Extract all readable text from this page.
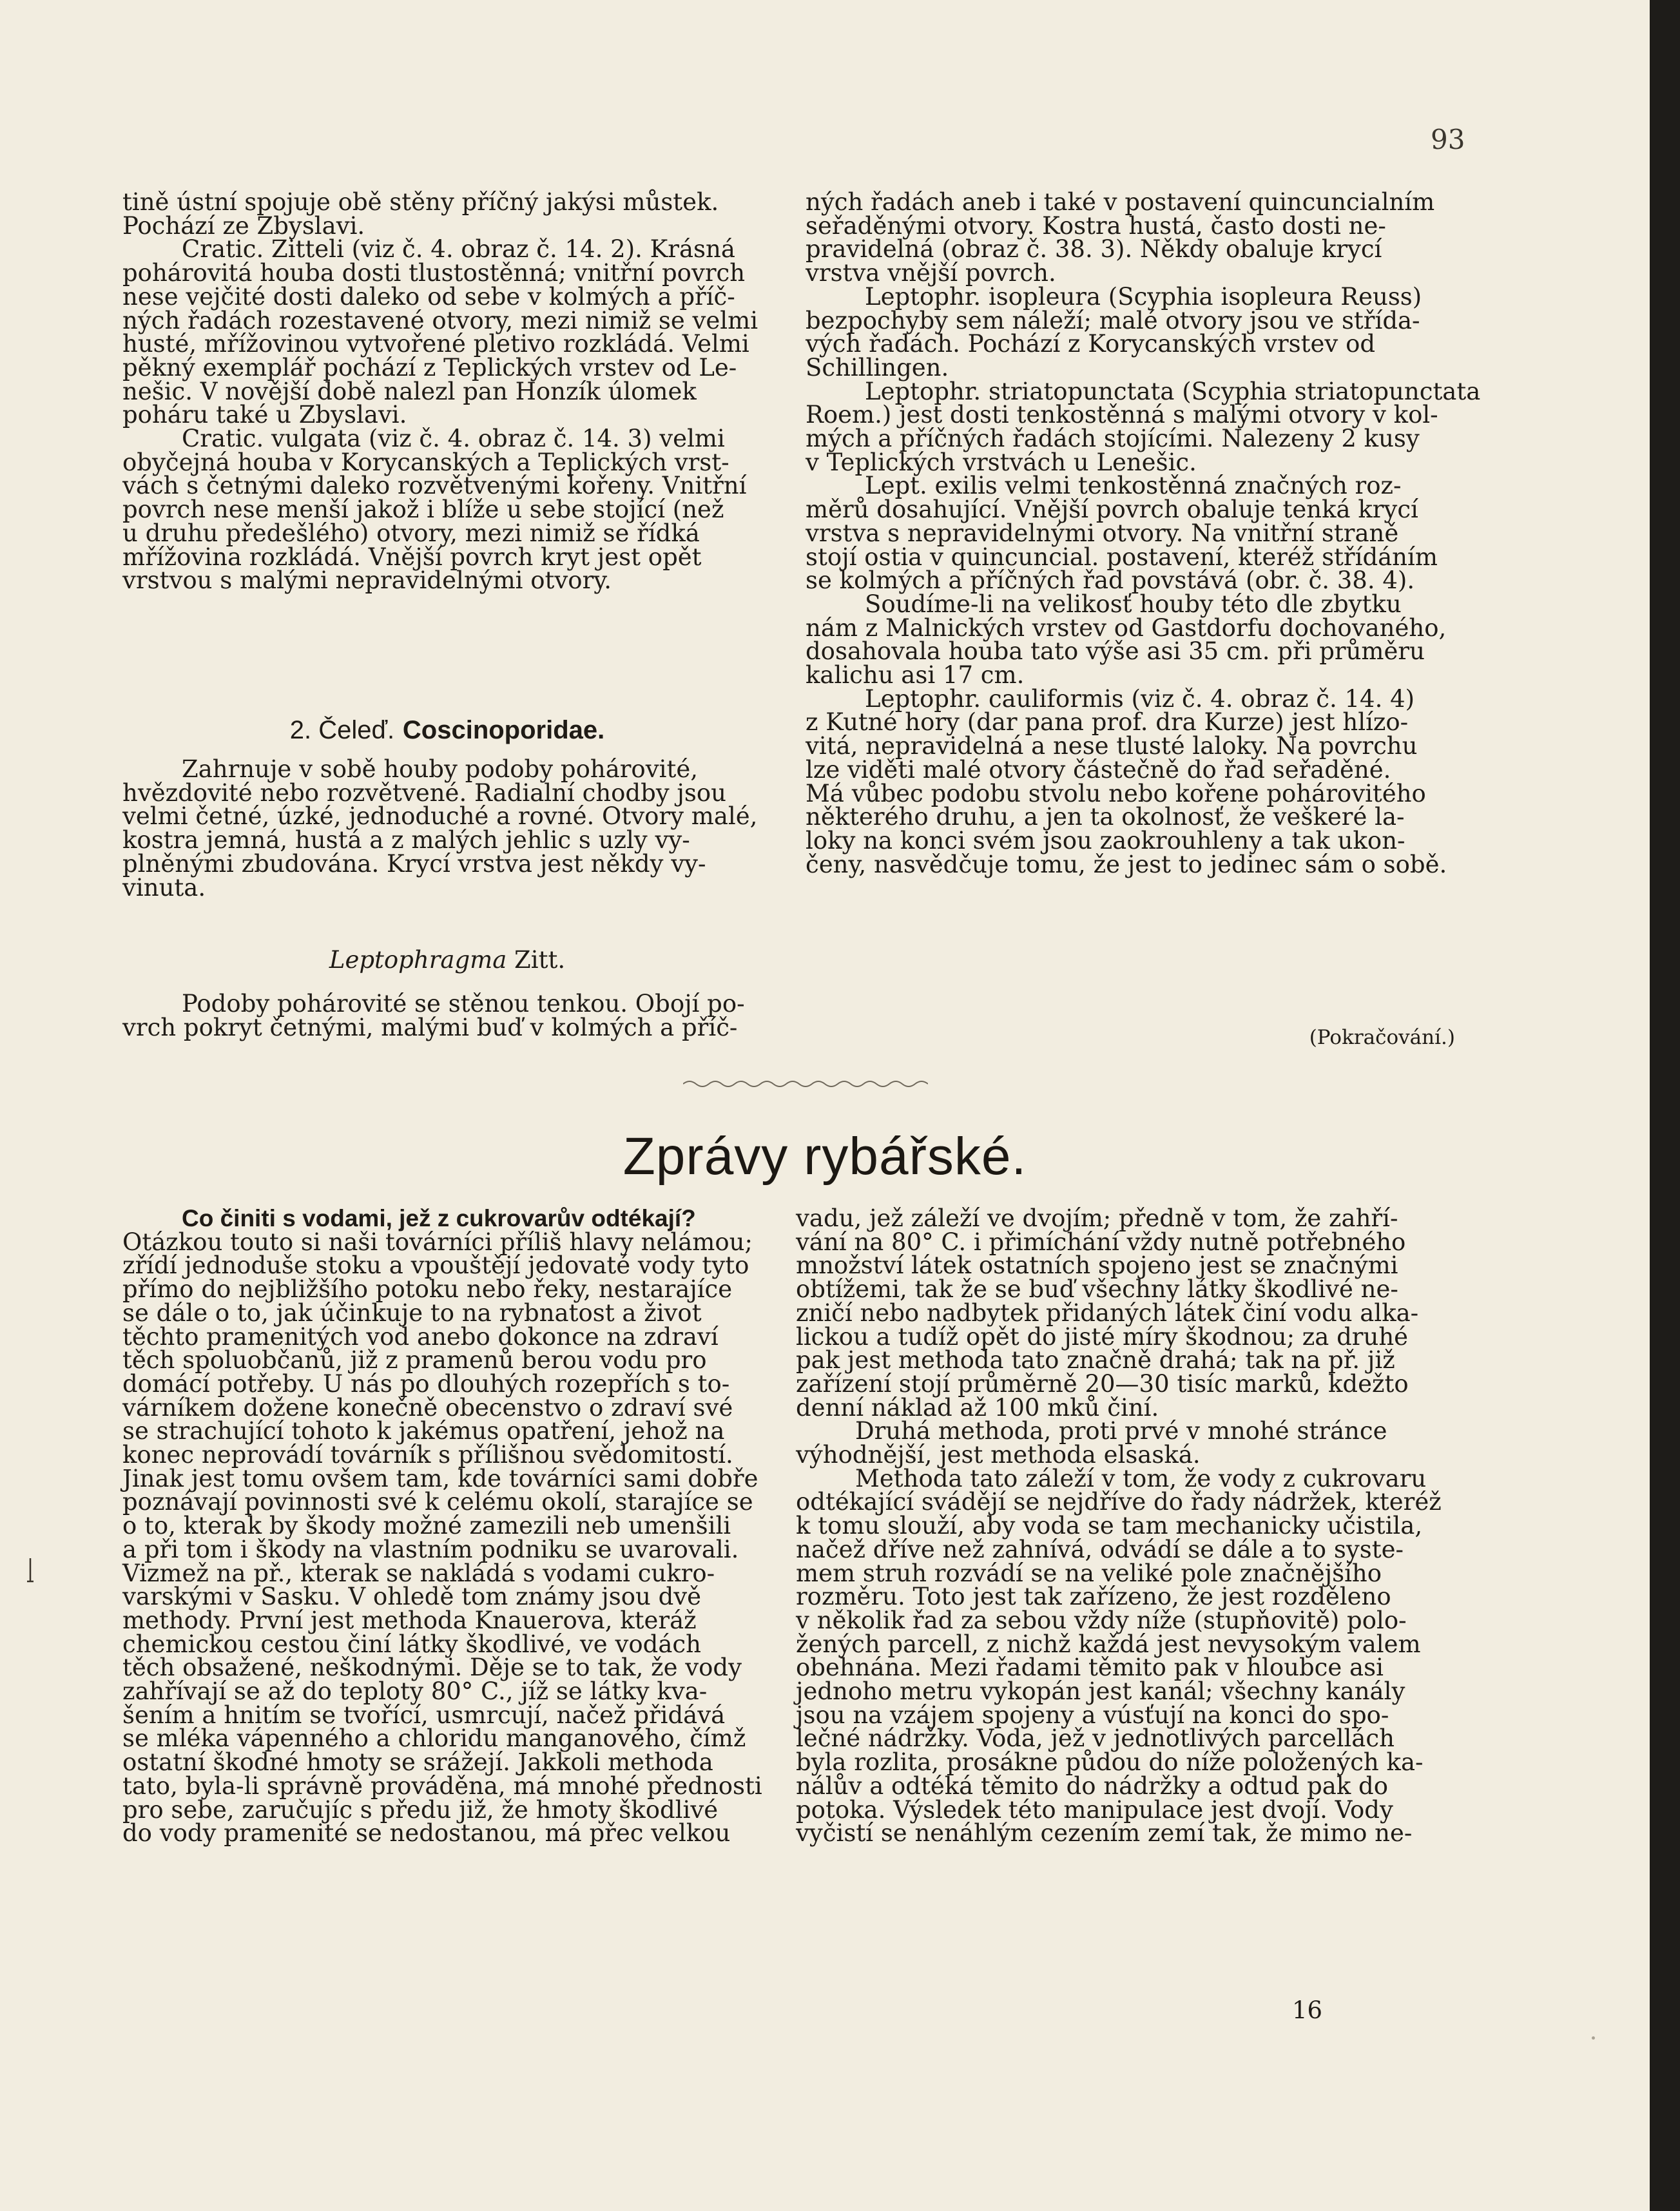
93

tině ústní spojuje obě stěny příčný jakýsi můstek.

Pochází ze Zbyslavi.

Cratic. Zitteli (viz č. 4. obraz č. 14. 2). Krásná

pohárovitá houba dosti tlustostěnná; vnitřní povrch

nese vejčité dosti daleko od sebe v kolmých a příč-

ných řadách rozestavené otvory, mezi nimiž se velmi

husté, mřížovinou vytvořené pletivo rozkládá. Velmi

pěkný exemplář pochází z Teplických vrstev od Le-

nešic. V novější době nalezl pan Honzík úlomek

poháru také u Zbyslavi.

Cratic. vulgata (viz č. 4. obraz č. 14. 3) velmi

obyčejná houba v Korycanských a Teplických vrst-

vách s četnými daleko rozvětvenými kořeny. Vnitřní

povrch nese menší jakož i blíže u sebe stojící (než

u druhu předešlého) otvory, mezi nimiž se řídká

mřížovina rozkládá. Vnější povrch kryt jest opět

vrstvou s malými nepravidelnými otvory.

2. Čeleď. Coscinoporidae.

Zahrnuje v sobě houby podoby pohárovité,

hvězdovité nebo rozvětvené. Radialní chodby jsou

velmi četné, úzké, jednoduché a rovné. Otvory malé,

kostra jemná, hustá a z malých jehlic s uzly vy-

plněnými zbudována. Krycí vrstva jest někdy vy-

vinuta.

Leptophragma Zitt.

Podoby pohárovité se stěnou tenkou. Obojí po-

vrch pokryt četnými, malými buď v kolmých a příč-

ných řadách aneb i také v postavení quincuncialním

seřaděnými otvory. Kostra hustá, často dosti ne-

pravidelná (obraz č. 38. 3). Někdy obaluje krycí

vrstva vnější povrch.

Leptophr. isopleura (Scyphia isopleura Reuss)

bezpochyby sem náleží; malé otvory jsou ve střída-

vých řadách. Pochází z Korycanských vrstev od

Schillingen.

Leptophr. striatopunctata (Scyphia striatopunctata

Roem.) jest dosti tenkostěnná s malými otvory v kol-

mých a příčných řadách stojícími. Nalezeny 2 kusy

v Teplických vrstvách u Lenešic.

Lept. exilis velmi tenkostěnná značných roz-

měrů dosahující. Vnější povrch obaluje tenká krycí

vrstva s nepravidelnými otvory. Na vnitřní straně

stojí ostia v quincuncial. postavení, kteréž střídáním

se kolmých a příčných řad povstává (obr. č. 38. 4).

Soudíme-li na velikosť houby této dle zbytku

nám z Malnických vrstev od Gastdorfu dochovaného,

dosahovala houba tato výše asi 35 cm. při průměru

kalichu asi 17 cm.

Leptophr. cauliformis (viz č. 4. obraz č. 14. 4)

z Kutné hory (dar pana prof. dra Kurze) jest hlízo-

vitá, nepravidelná a nese tlusté laloky. Na povrchu

lze viděti malé otvory částečně do řad seřaděné.

Má vůbec podobu stvolu nebo kořene pohárovitého

některého druhu, a jen ta okolnosť, že veškeré la-

loky na konci svém jsou zaokrouhleny a tak ukon-

čeny, nasvědčuje tomu, že jest to jedinec sám o sobě.

(Pokračování.)
Zprávy rybářské.

Co činiti s vodami, jež z cukrovarův odtékají?

Otázkou touto si naši továrníci příliš hlavy nelámou;

zřídí jednoduše stoku a vpouštějí jedovaté vody tyto

přímo do nejbližšího potoku nebo řeky, nestarajíce

se dále o to, jak účinkuje to na rybnatost a život

těchto pramenitých vod anebo dokonce na zdraví

těch spoluobčanů, již z pramenů berou vodu pro

domácí potřeby. U nás po dlouhých rozepřích s to-

várníkem dožene konečně obecenstvo o zdraví své

se strachující tohoto k jakémus opatření, jehož na

konec neprovádí továrník s přílišnou svědomitostí.

Jinak jest tomu ovšem tam, kde továrníci sami dobře

poznávají povinnosti své k celému okolí, starajíce se

o to, kterak by škody možné zamezili neb umenšili

a při tom i škody na vlastním podniku se uvarovali.

Vizmež na př., kterak se nakládá s vodami cukro-

varskými v Sasku. V ohledě tom známy jsou dvě

methody. První jest methoda Knauerova, kteráž

chemickou cestou činí látky škodlivé, ve vodách

těch obsažené, neškodnými. Děje se to tak, že vody

zahřívají se až do teploty 80° C., jíž se látky kva-

šením a hnitím se tvořící, usmrcují, načež přidává

se mléka vápenného a chloridu manganového, čímž

ostatní škodné hmoty se srážejí. Jakkoli methoda

tato, byla-li správně prováděna, má mnohé přednosti

pro sebe, zaručujíc s předu již, že hmoty škodlivé

do vody pramenité se nedostanou, má přec velkou

vadu, jež záleží ve dvojím; předně v tom, že zahří-

vání na 80° C. i přimíchání vždy nutně potřebného

množství látek ostatních spojeno jest se značnými

obtížemi, tak že se buď všechny látky škodlivé ne-

zničí nebo nadbytek přidaných látek činí vodu alka-

lickou a tudíž opět do jisté míry škodnou; za druhé

pak jest methoda tato značně drahá; tak na př. již

zařízení stojí průměrně 20—30 tisíc marků, kdežto

denní náklad až 100 mků činí.

Druhá methoda, proti prvé v mnohé stránce

výhodnější, jest methoda elsaská.

Methoda tato záleží v tom, že vody z cukrovaru

odtékající svádějí se nejdříve do řady nádržek, kteréž

k tomu slouží, aby voda se tam mechanicky učistila,

načež dříve než zahnívá, odvádí se dále a to syste-

mem struh rozvádí se na veliké pole značnějšího

rozměru. Toto jest tak zařízeno, že jest rozděleno

v několik řad za sebou vždy níže (stupňovitě) polo-

žených parcell, z nichž každá jest nevysokým valem

obehnána. Mezi řadami těmito pak v hloubce asi

jednoho metru vykopán jest kanál; všechny kanály

jsou na vzájem spojeny a vúsťují na konci do spo-

lečné nádržky. Voda, jež v jednotlivých parcellách

byla rozlita, prosákne půdou do níže položených ka-

nálův a odtéká těmito do nádržky a odtud pak do

potoka. Výsledek této manipulace jest dvojí. Vody

vyčistí se nenáhlým cezením zemí tak, že mimo ne-

16
